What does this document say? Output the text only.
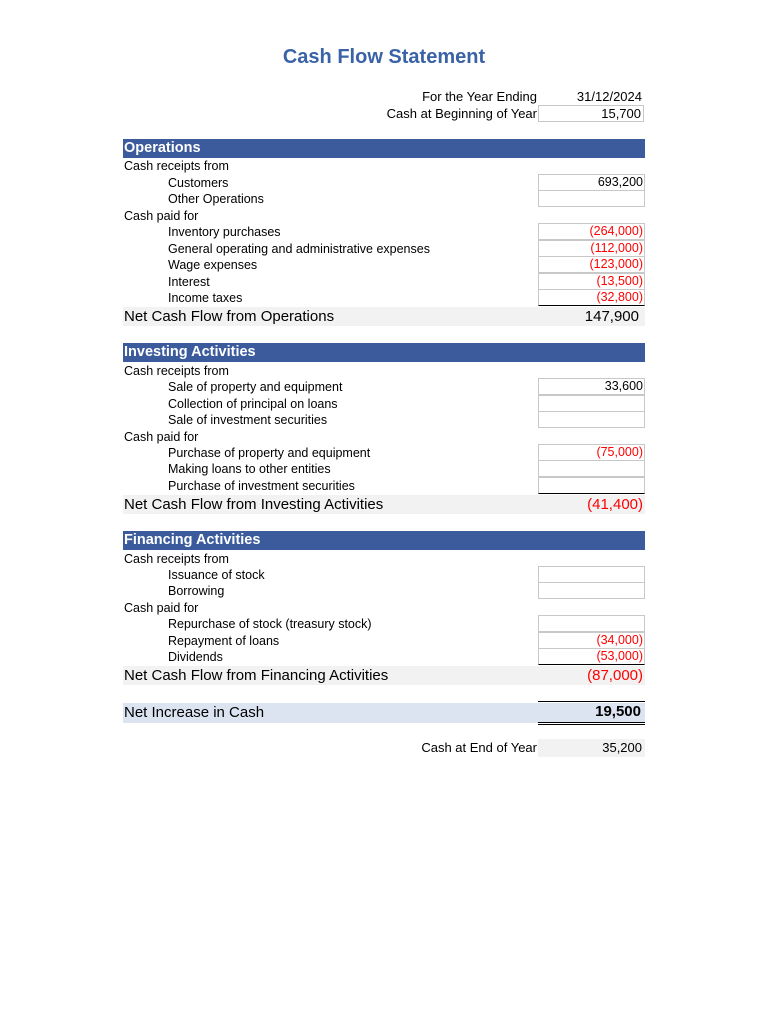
Cash Flow Statement
For the Year Ending	31/12/2024
Cash at Beginning of Year	15,700
Operations
Cash receipts from
Customers	693,200
Other Operations
Cash paid for
Inventory purchases	(264,000)
General operating and administrative expenses	(112,000)
Wage expenses	(123,000)
Interest	(13,500)
Income taxes	(32,800)
Net Cash Flow from Operations	147,900
Investing Activities
Cash receipts from
Sale of property and equipment	33,600
Collection of principal on loans
Sale of investment securities
Cash paid for
Purchase of property and equipment	(75,000)
Making loans to other entities
Purchase of investment securities
Net Cash Flow from Investing Activities	(41,400)
Financing Activities
Cash receipts from
Issuance of stock
Borrowing
Cash paid for
Repurchase of stock (treasury stock)
Repayment of loans	(34,000)
Dividends	(53,000)
Net Cash Flow from Financing Activities	(87,000)
Net Increase in Cash	19,500
Cash at End of Year	35,200
